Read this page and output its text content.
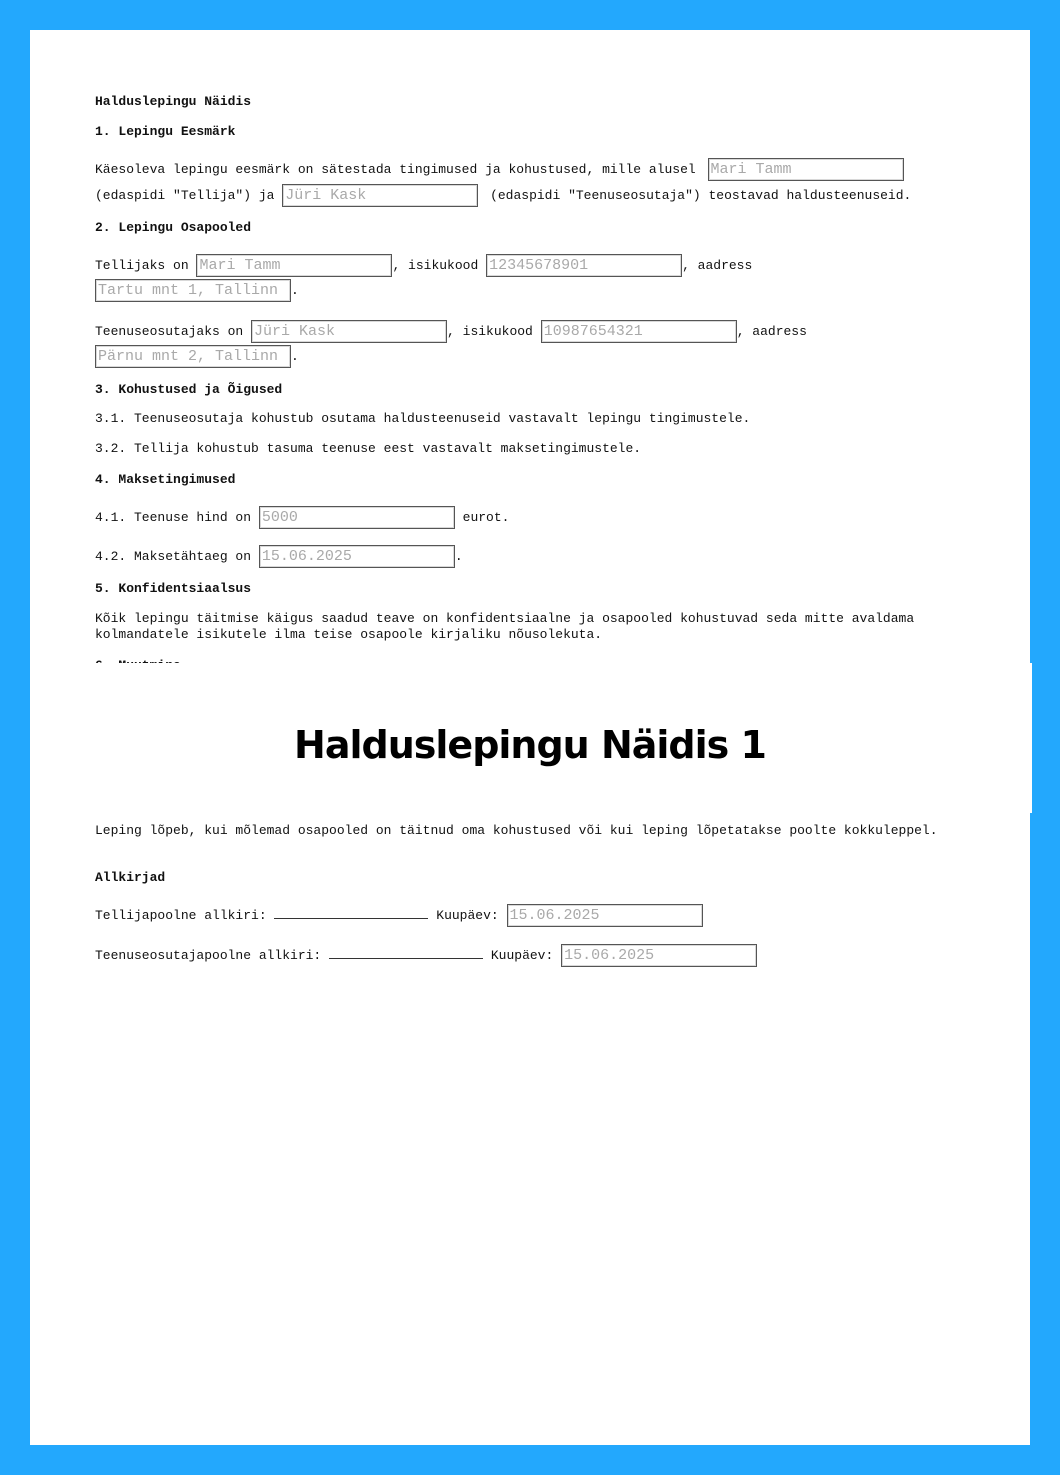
Halduslepingu Näidis
1. Lepingu Eesmärk
Käesoleva lepingu eesmärk on sätestada tingimused ja kohustused, mille alusel Mari Tamm
(edaspidi "Tellija") ja Jüri Kask	(edaspidi "Teenuseosutaja") teostavad haldusteenuseid.
2. Lepingu Osapooled
Tellijaks on Mari Tamm	, isikukood 12345678901	, aadress
Tartu mnt 1, Tallinn .
Teenuseosutajaks on Jüri Kask	, isikukood 10987654321	, aadress
Pärnu mnt 2, Tallinn .
3. Kohustused ja Õigused
3.1. Teenuseosutaja kohustub osutama haldusteenuseid vastavalt lepingu tingimustele.
3.2. Tellija kohustub tasuma teenuse eest vastavalt maksetingimustele.
4. Maksetingimused
4.1. Teenuse hind on 5000	eurot.
4.2. Maksetähtaeg on 15.06.2025	.
5. Konfidentsiaalsus
Kõik lepingu täitmise käigus saadud teave on konfidentsiaalne ja osapooled kohustuvad seda mitte avaldama kolmandatele isikutele ilma teise osapoole kirjaliku nõusolekuta.
Halduslepingu Näidis 1
Leping lõpeb, kui mõlemad osapooled on täitnud oma kohustused või kui leping lõpetatakse poolte kokkuleppel.
Allkirjad
Tellijapoolne allkiri:	Kuupäev: 15.06.2025
Teenuseosutajapoolne allkiri:	Kuupäev: 15.06.2025
